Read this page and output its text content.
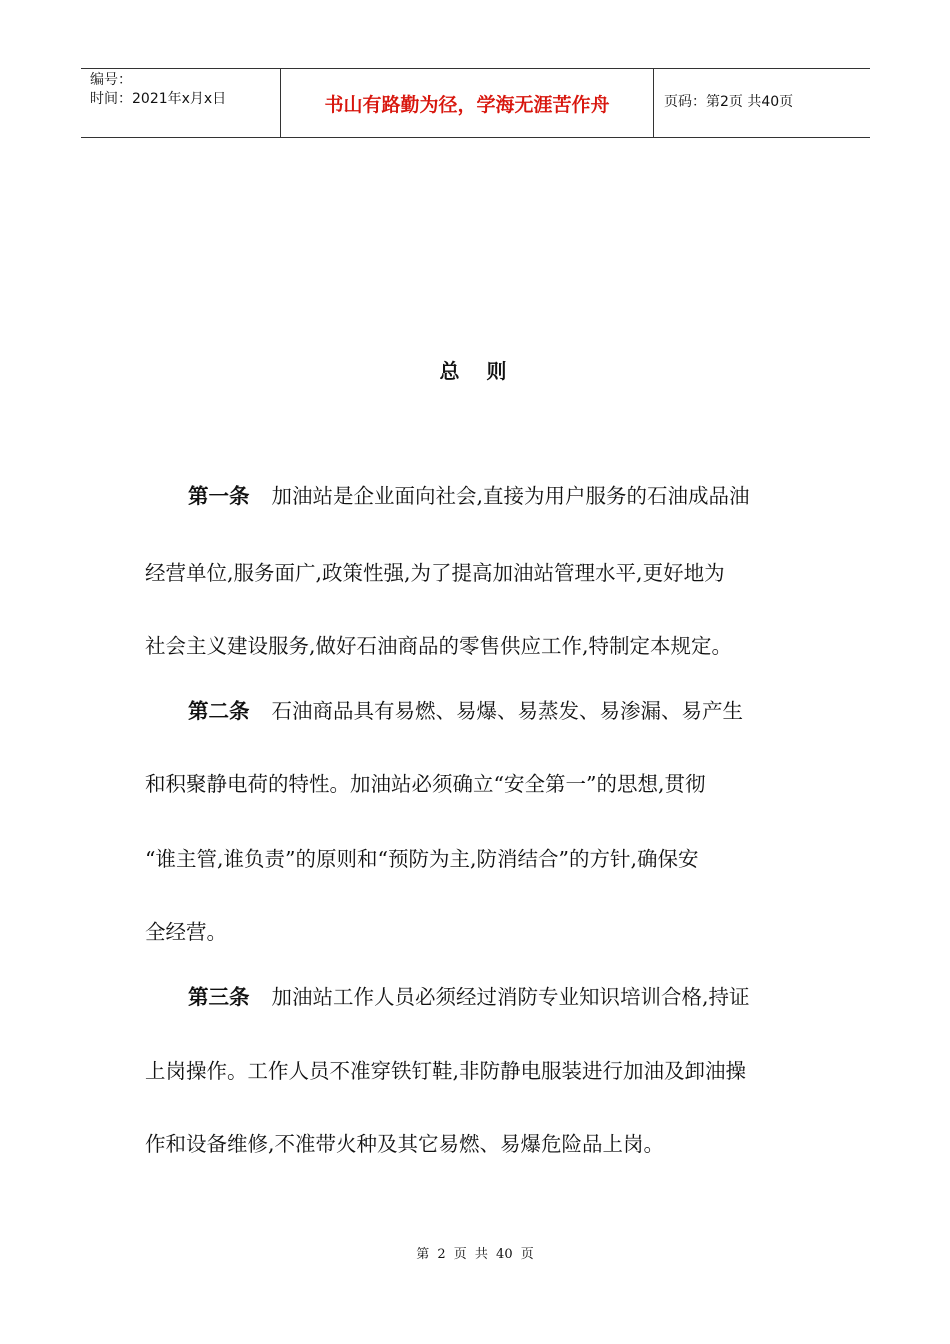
编号：
时间：2021年x月x日	书山有路勤为径，学海无涯苦作舟	页码：第2页 共40页
总 则
第一条 加油站是企业面向社会,直接为用户服务的石油成品油
经营单位,服务面广,政策性强,为了提高加油站管理水平,更好地为
社会主义建设服务,做好石油商品的零售供应工作,特制定本规定。
第二条 石油商品具有易燃、易爆、易蒸发、易渗漏、易产生
和积聚静电荷的特性。加油站必须确立“安全第一”的思想,贯彻
“谁主管,谁负责”的原则和“预防为主,防消结合”的方针,确保安
全经营。
第三条 加油站工作人员必须经过消防专业知识培训合格,持证
上岗操作。工作人员不准穿铁钉鞋,非防静电服装进行加油及卸油操
作和设备维修,不准带火种及其它易燃、易爆危险品上岗。
第 2 页 共 40 页
